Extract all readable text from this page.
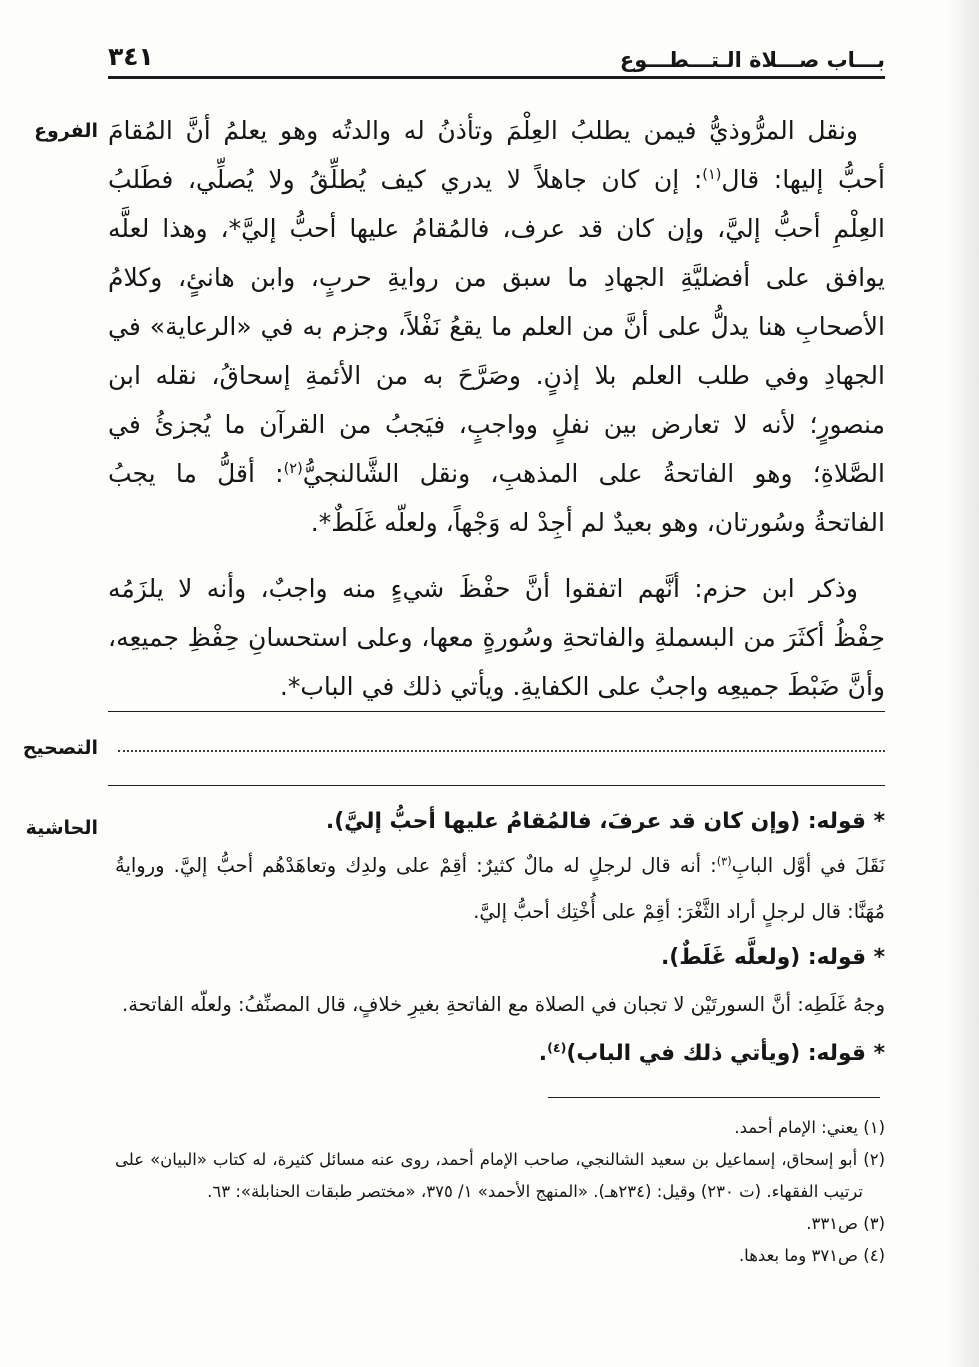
بـــاب صـــلاة الـتـــطـــوع
٣٤١
الفروع
التصحيح
الحاشية
ونقل المرُّوذيُّ فيمن يطلبُ العِلْمَ وتأذنُ له والدتُه وهو يعلمُ أنَّ المُقامَ
أحبُّ إليها: قال$^{(١)}$: إن كان جاهلاً لا يدري كيف يُطلِّقُ ولا يُصلِّي، فطَلبُ
العِلْمِ أحبُّ إليَّ، وإن كان قد عرف، فالمُقامُ عليها أحبُّ إليَّ*، وهذا لعلَّه
يوافق على أفضليَّةِ الجهادِ ما سبق من روايةِ حربٍ، وابن هانئٍ، وكلامُ
الأصحابِ هنا يدلُّ على أنَّ من العلم ما يقعُ نَفْلاً، وجزم به في «الرعاية» في
الجهادِ وفي طلب العلم بلا إذنٍ. وصَرَّحَ به من الأئمةِ إسحاقُ، نقله ابن
منصورٍ؛ لأنه لا تعارض بين نفلٍ وواجبٍ، فيَجبُ من القرآن ما يُجزئُ في
الصَّلاةِ؛ وهو الفاتحةُ على المذهبِ، ونقل الشَّالنجيُّ$^{(٢)}$: أقلُّ ما يجبُ
الفاتحةُ وسُورتان، وهو بعيدٌ لم أجِدْ له وَجْهاً، ولعلّه غَلَطٌ*.
وذكر ابن حزم: أنَّهم اتفقوا أنَّ حفْظَ شيءٍ منه واجبٌ، وأنه لا يلزَمُه
حِفْظُ أكثَرَ من البسملةِ والفاتحةِ وسُورةٍ معها، وعلى استحسانِ حِفْظِ جميعِه،
وأنَّ ضَبْطَ جميعِه واجبٌ على الكفايةِ. ويأتي ذلك في الباب*.
* قوله: (وإن كان قد عرفَ، فالمُقامُ عليها أحبُّ إليَّ).
نَقَلَ في أوَّل البابِ$^{(٣)}$: أنه قال لرجلٍ له مالٌ كثيرٌ: أقِمْ على ولدِك وتعاهَدْهُم أحبُّ إليَّ. وروايةُ
مُهَنَّا: قال لرجلٍ أراد الثَّغْرَ: أقِمْ على أُخْتِك أحبُّ إليَّ.
* قوله: (ولعلَّه غَلَطٌ).
وجهُ غَلَطِه: أنَّ السورتَيْن لا تجبان في الصلاة مع الفاتحةِ بغيرِ خلافٍ، قال المصنِّفُ: ولعلّه الفاتحة.
* قوله: (ويأتي ذلك في الباب)$^{(٤)}$.
(١) يعني: الإمام أحمد.
(٢) أبو إسحاق، إسماعيل بن سعيد الشالنجي، صاحب الإمام أحمد، روى عنه مسائل كثيرة، له كتاب «البيان» على
ترتيب الفقهاء. (ت ٢٣٠) وقيل: (٢٣٤هـ). «المنهج الأحمد» ١/ ٣٧٥، «مختصر طبقات الحنابلة»: ٦٣.
(٣) ص٣٣١.
(٤) ص٣٧١ وما بعدها.
